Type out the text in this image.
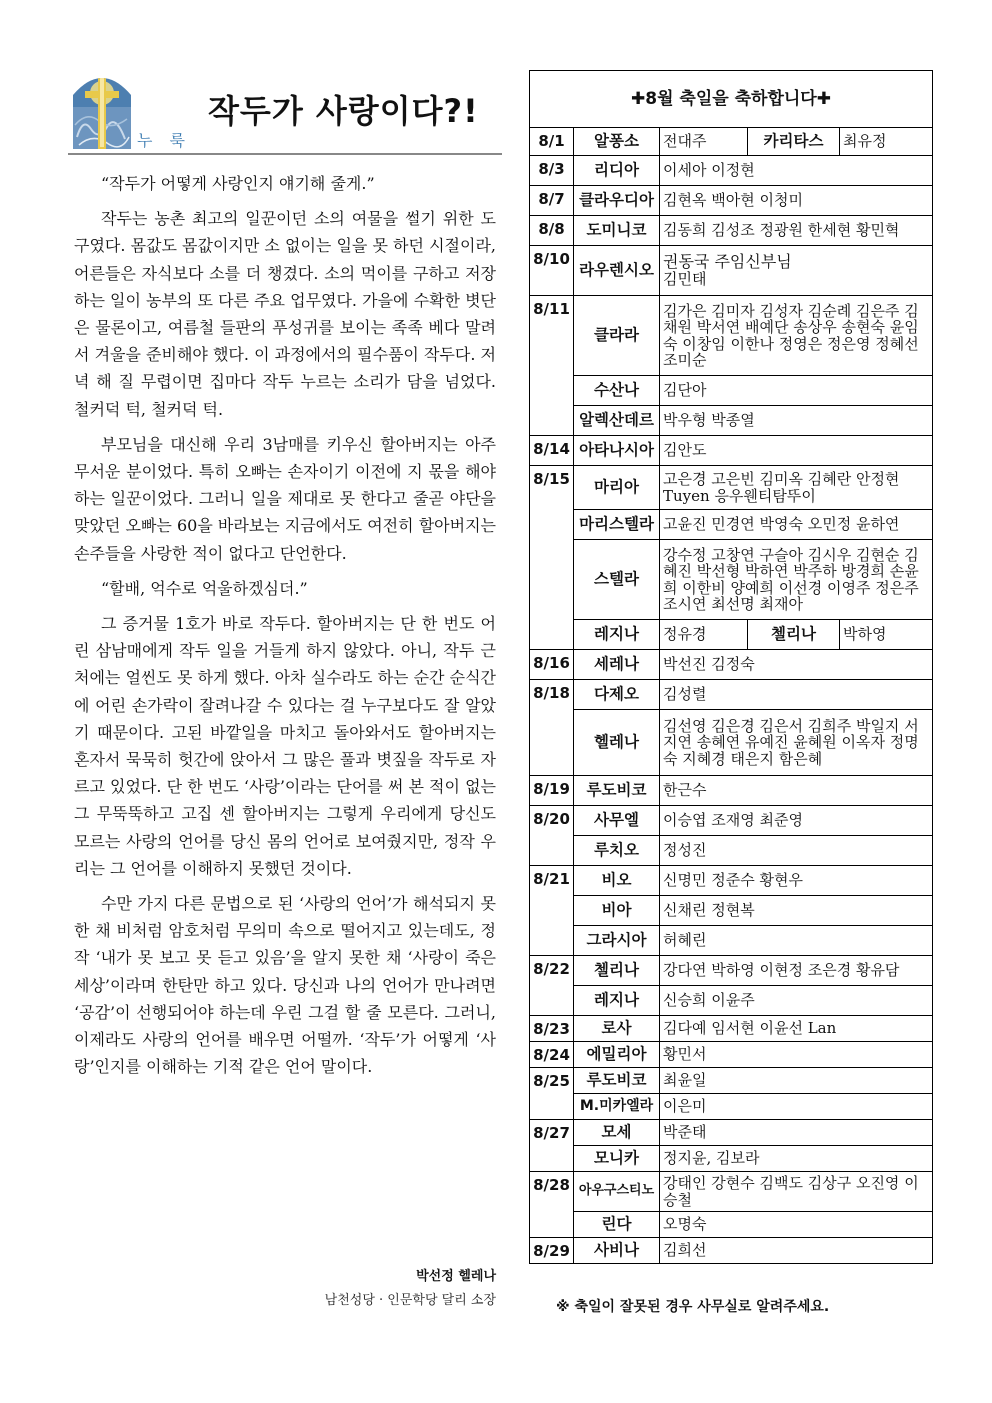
누 룩
작두가 사랑이다?!

“작두가 어떻게 사랑인지 얘기해 줄게.”

작두는 농촌 최고의 일꾼이던 소의 여물을 썰기 위한 도구였다. 몸값도 몸값이지만 소 없이는 일을 못 하던 시절이라, 어른들은 자식보다 소를 더 챙겼다. 소의 먹이를 구하고 저장하는 일이 농부의 또 다른 주요 업무였다. 가을에 수확한 볏단은 물론이고, 여름철 들판의 푸성귀를 보이는 족족 베다 말려서 겨울을 준비해야 했다. 이 과정에서의 필수품이 작두다. 저녁 해 질 무렵이면 집마다 작두 누르는 소리가 담을 넘었다. 철커덕 턱, 철커덕 턱.

부모님을 대신해 우리 3남매를 키우신 할아버지는 아주 무서운 분이었다. 특히 오빠는 손자이기 이전에 지 몫을 해야 하는 일꾼이었다. 그러니 일을 제대로 못 한다고 줄곧 야단을 맞았던 오빠는 60을 바라보는 지금에서도 여전히 할아버지는 손주들을 사랑한 적이 없다고 단언한다.

“할배, 억수로 억울하겠심더.”

그 증거물 1호가 바로 작두다. 할아버지는 단 한 번도 어린 삼남매에게 작두 일을 거들게 하지 않았다. 아니, 작두 근처에는 얼씬도 못 하게 했다. 아차 실수라도 하는 순간 순식간에 어린 손가락이 잘려나갈 수 있다는 걸 누구보다도 잘 알았기 때문이다. 고된 바깥일을 마치고 돌아와서도 할아버지는 혼자서 묵묵히 헛간에 앉아서 그 많은 풀과 볏짚을 작두로 자르고 있었다. 단 한 번도 ‘사랑’이라는 단어를 써 본 적이 없는 그 무뚝뚝하고 고집 센 할아버지는 그렇게 우리에게 당신도 모르는 사랑의 언어를 당신 몸의 언어로 보여줬지만, 정작 우리는 그 언어를 이해하지 못했던 것이다.

수만 가지 다른 문법으로 된 ‘사랑의 언어’가 해석되지 못한 채 비처럼 암호처럼 무의미 속으로 떨어지고 있는데도, 정작 ‘내가 못 보고 못 듣고 있음’을 알지 못한 채 ‘사랑이 죽은 세상’이라며 한탄만 하고 있다. 당신과 나의 언어가 만나려면 ‘공감’이 선행되어야 하는데 우린 그걸 할 줄 모른다. 그러니, 이제라도 사랑의 언어를 배우면 어떨까. ‘작두’가 어떻게 ‘사랑’인지를 이해하는 기적 같은 언어 말이다.

박선정 헬레나
남천성당 · 인문학당 달리 소장
✚8월 축일을 축하합니다✚				
8/1	알퐁소	전대주	카리타스	최유정
8/3	리디아	이세아 이정현		
8/7	클라우디아	김현옥 백아현 이청미		
8/8	도미니코	김동희 김성조 정광원 한세현 황민혁		
8/10	라우렌시오	권동국 주임신부님
김민태		

8/11	클라라	김가은 김미자 김성자 김순례 김은주 김채원 박서연 배예단 송상우 송현숙 윤임숙 이창임 이한나 정영은 정은영 정혜선 조미순		
	수산나	김단아		
	알렉산데르	박우형 박종열		
8/14	아타나시아	김안도		
8/15	마리아	고은경 고은빈 김미옥 김혜란 안정현 Tuyen 응우웬티탐뚜이		
	마리스텔라	고윤진 민경연 박영숙 오민정 윤하연		
	스텔라	강수정 고창연 구슬아 김시우 김현순 김혜진 박선형 박하연 박주하 방경희 손윤희 이한비 양예희 이선경 이영주 정은주 조시연 최선명 최재아		
	레지나	정유경	첼리나	박하영
8/16	세레나	박선진 김정숙		
8/18	다제오	김성렬		
	헬레나	김선영 김은경 김은서 김희주 박일지 서지연 송혜연 유예진 윤혜원 이옥자 정명숙 지혜경 태은지 함은혜		
8/19	루도비코	한근수		
8/20	사무엘	이승엽 조재영 최준영		
	루치오	정성진		
8/21	비오	신명민 정준수 황현우		
	비아	신채린 정현복		
	그라시아	허혜린		
8/22	첼리나	강다연 박하영 이현정 조은경 황유담		
	레지나	신승희 이윤주		
8/23	로사	김다예 임서현 이윤선 Lan		
8/24	에밀리아	황민서		
8/25	루도비코	최윤일		
	M.미카엘라	이은미		
8/27	모세	박준태		
	모니카	정지윤, 김보라		
8/28	아우구스티노	강태인 강현수 김백도 김상구 오진영 이승철		
	린다	오명숙		
8/29	사비나	김희선		
※ 축일이 잘못된 경우 사무실로 알려주세요.
